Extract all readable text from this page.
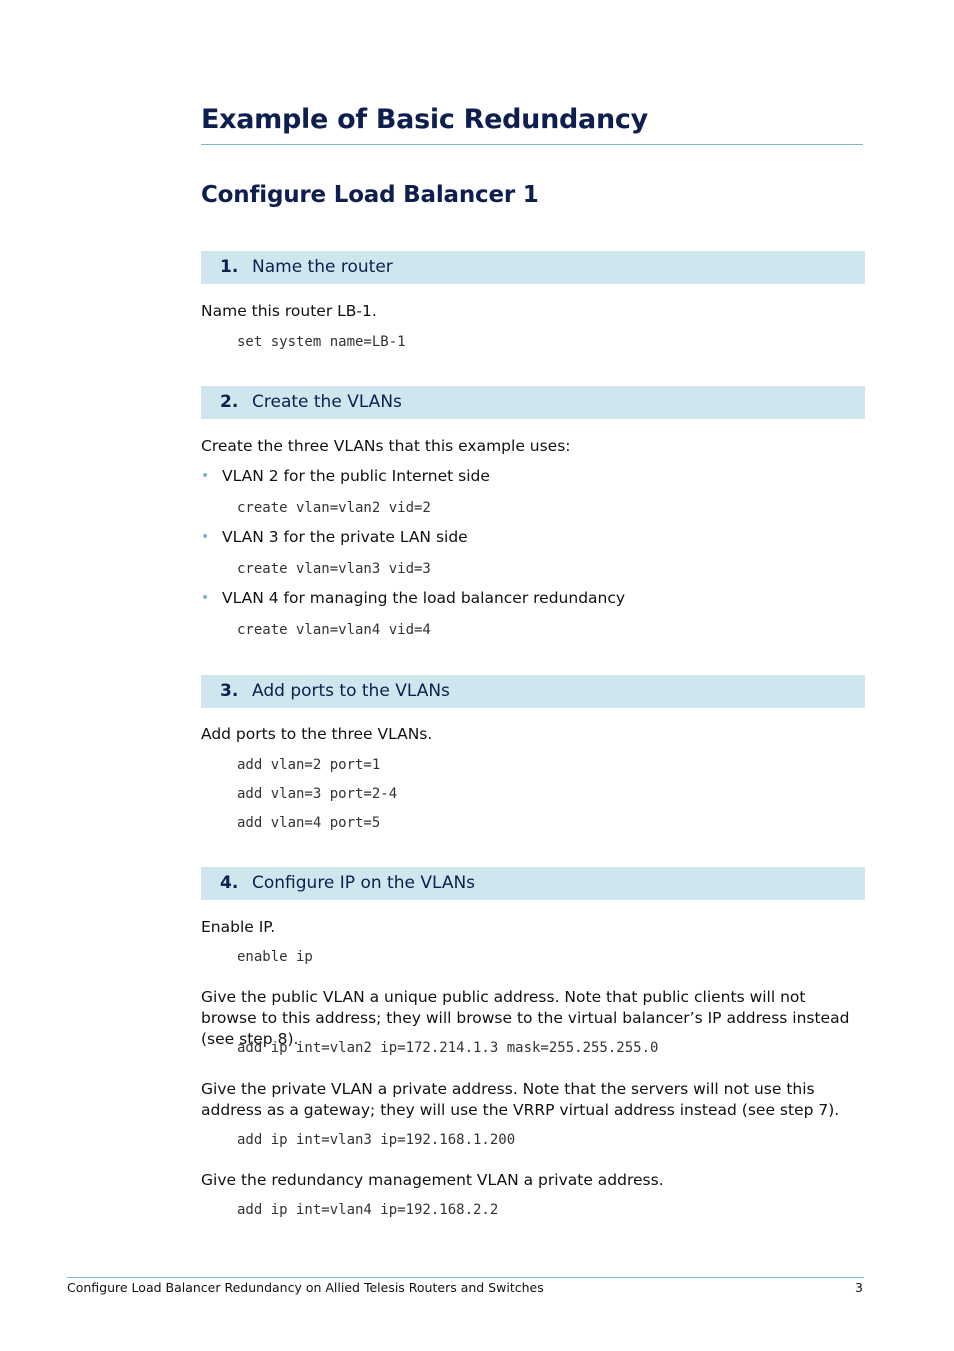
Example of Basic Redundancy
Configure Load Balancer 1
1. Name the router
Name this router LB-1.
set system name=LB-1
2. Create the VLANs
Create the three VLANs that this example uses:
• VLAN 2 for the public Internet side
create vlan=vlan2 vid=2
• VLAN 3 for the private LAN side
create vlan=vlan3 vid=3
• VLAN 4 for managing the load balancer redundancy
create vlan=vlan4 vid=4
3. Add ports to the VLANs
Add ports to the three VLANs.
add vlan=2 port=1
add vlan=3 port=2-4
add vlan=4 port=5
4. Configure IP on the VLANs
Enable IP.
enable ip
Give the public VLAN a unique public address. Note that public clients will not browse to this address; they will browse to the virtual balancer’s IP address instead (see step 8).
add ip int=vlan2 ip=172.214.1.3 mask=255.255.255.0
Give the private VLAN a private address. Note that the servers will not use this address as a gateway; they will use the VRRP virtual address instead (see step 7).
add ip int=vlan3 ip=192.168.1.200
Give the redundancy management VLAN a private address.
add ip int=vlan4 ip=192.168.2.2
Configure Load Balancer Redundancy on Allied Telesis Routers and Switches	3
